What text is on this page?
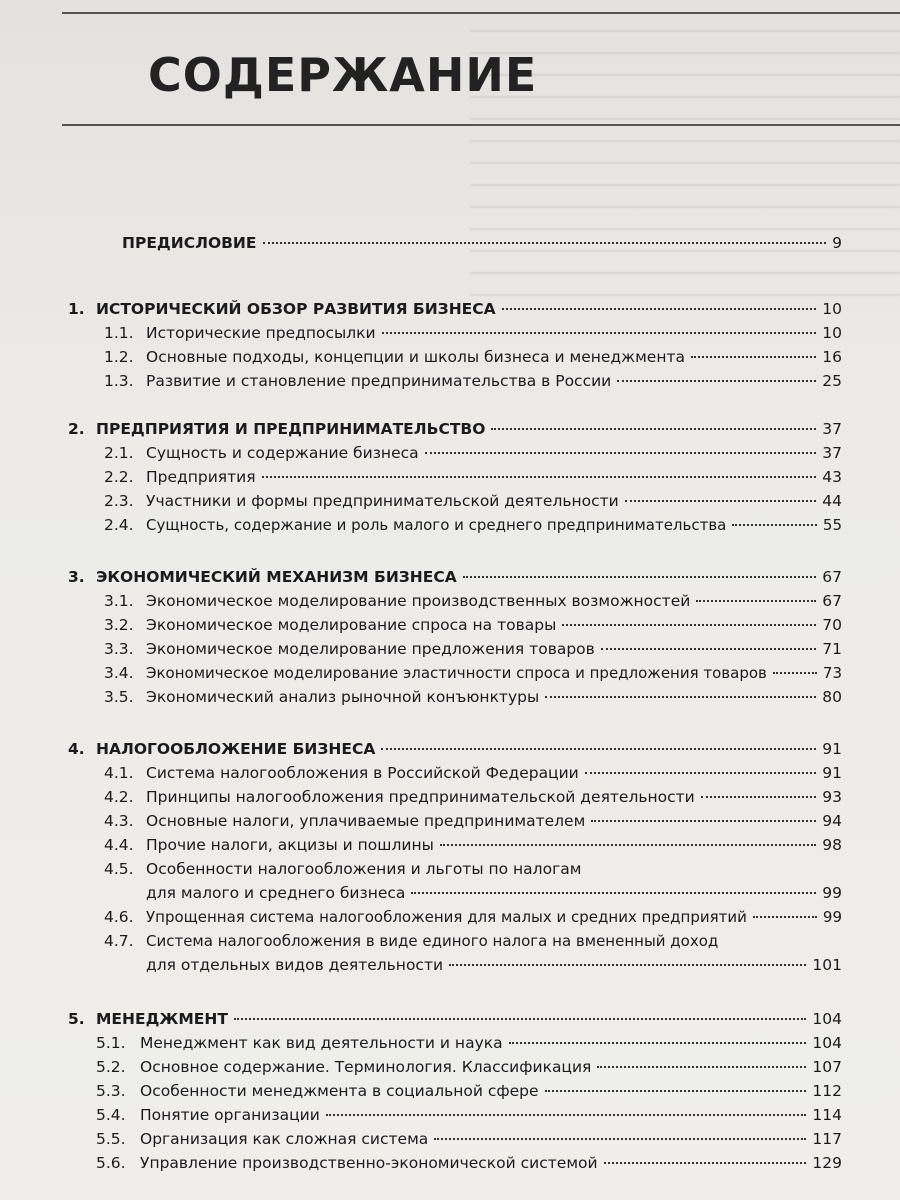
СОДЕРЖАНИЕ
ПРЕДИСЛОВИЕ	9
1. ИСТОРИЧЕСКИЙ ОБЗОР РАЗВИТИЯ БИЗНЕСА	10
1.1. Исторические предпосылки	10
1.2. Основные подходы, концепции и школы бизнеса и менеджмента	16
1.3. Развитие и становление предпринимательства в России	25
2. ПРЕДПРИЯТИЯ И ПРЕДПРИНИМАТЕЛЬСТВО	37
2.1. Сущность и содержание бизнеса	37
2.2. Предприятия	43
2.3. Участники и формы предпринимательской деятельности	44
2.4. Сущность, содержание и роль малого и среднего предпринимательства	55
3. ЭКОНОМИЧЕСКИЙ МЕХАНИЗМ БИЗНЕСА	67
3.1. Экономическое моделирование производственных возможностей	67
3.2. Экономическое моделирование спроса на товары	70
3.3. Экономическое моделирование предложения товаров	71
3.4. Экономическое моделирование эластичности спроса и предложения товаров	73
3.5. Экономический анализ рыночной конъюнктуры	80
4. НАЛОГООБЛОЖЕНИЕ БИЗНЕСА	91
4.1. Система налогообложения в Российской Федерации	91
4.2. Принципы налогообложения предпринимательской деятельности	93
4.3. Основные налоги, уплачиваемые предпринимателем	94
4.4. Прочие налоги, акцизы и пошлины	98
4.5. Особенности налогообложения и льготы по налогам
для малого и среднего бизнеса	99
4.6. Упрощенная система налогообложения для малых и средних предприятий	99
4.7. Система налогообложения в виде единого налога на вмененный доход
для отдельных видов деятельности	101
5. МЕНЕДЖМЕНТ	104
5.1. Менеджмент как вид деятельности и наука	104
5.2. Основное содержание. Терминология. Классификация	107
5.3. Особенности менеджмента в социальной сфере	112
5.4. Понятие организации	114
5.5. Организация как сложная система	117
5.6. Управление производственно-экономической системой	129
